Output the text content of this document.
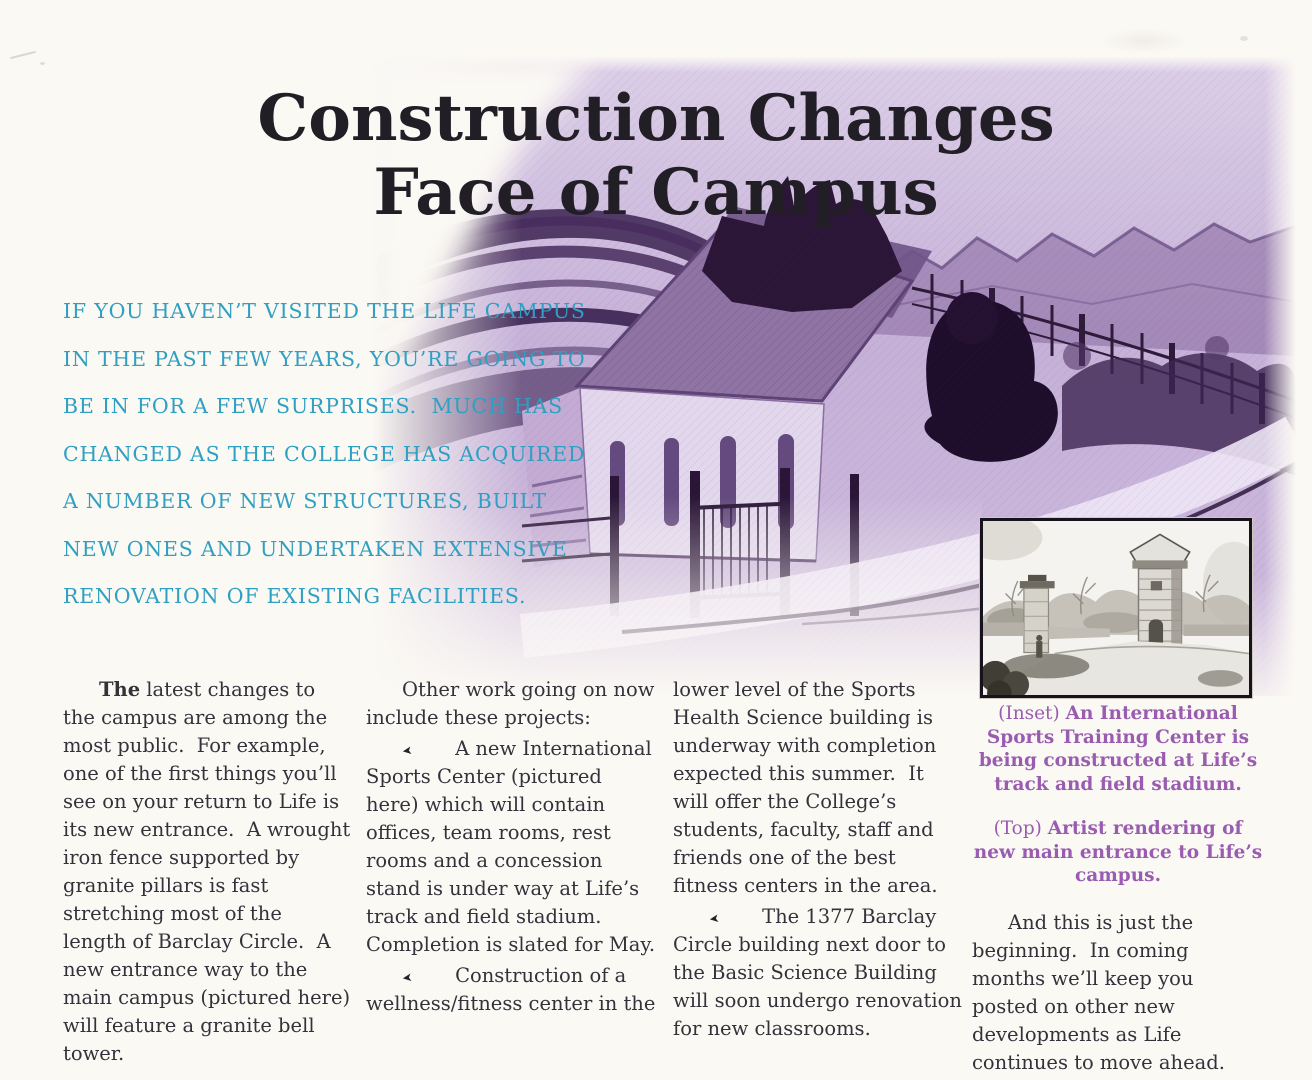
Construction Changes
Face of Campus
IF YOU HAVEN’T VISITED THE LIFE CAMPUS
IN THE PAST FEW YEARS, YOU’RE GOING TO
BE IN FOR A FEW SURPRISES.  MUCH HAS
CHANGED AS THE COLLEGE HAS ACQUIRED
A NUMBER OF NEW STRUCTURES, BUILT
NEW ONES AND UNDERTAKEN EXTENSIVE
RENOVATION OF EXISTING FACILITIES.

The latest changes to the campus are among the most public.  For example, one of the first things you’ll see on your return to Life is its new entrance.  A wrought iron fence supported by granite pillars is fast stretching most of the length of Barclay Circle.  A new entrance way to the main campus (pictured here) will feature a granite bell tower.

Other work going on now include these projects:

➤ A new International Sports Center (pictured here) which will contain offices, team rooms, rest rooms and a concession stand is under way at Life’s track and field stadium.  Completion is slated for May.

➤ Construction of a wellness/fitness center in the

lower level of the Sports Health Science building is underway with completion expected this summer.  It will offer the College’s students, faculty, staff and friends one of the best fitness centers in the area.

➤ The 1377 Barclay Circle building next door to the Basic Science Building will soon undergo renovation for new classrooms.

(Inset) An International Sports Training Center is being constructed at Life’s track and field stadium.
(Top) Artist rendering of new main entrance to Life’s campus.

And this is just the beginning.  In coming months we’ll keep you posted on other new developments as Life continues to move ahead.
